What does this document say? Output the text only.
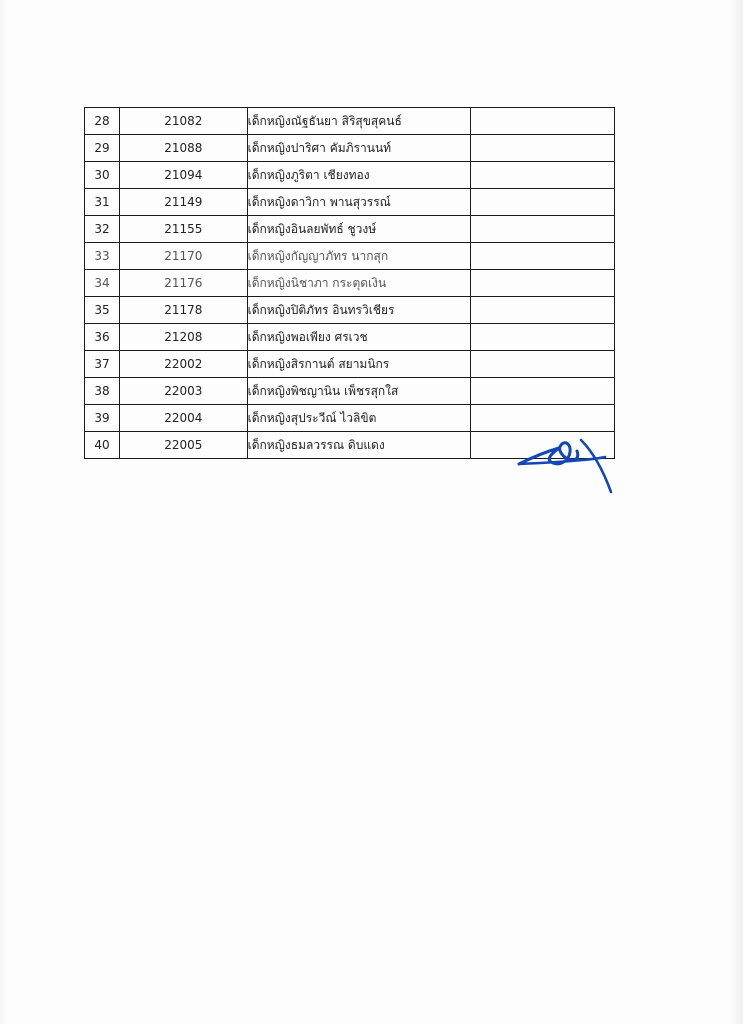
28	21082	เด็กหญิงณัฐธันยา สิริสุขสุคนธ์	
29	21088	เด็กหญิงปาริศา คัมภิรานนท์	
30	21094	เด็กหญิงภูริตา เชียงทอง	
31	21149	เด็กหญิงดาวิกา พานสุวรรณ์	
32	21155	เด็กหญิงอินลยพัทธ์ ชูวงษ์	
33	21170	เด็กหญิงกัญญาภัทร นากสุก	
34	21176	เด็กหญิงนิชาภา กระตุดเงิน	
35	21178	เด็กหญิงปิติภัทร อินทรวิเชียร	
36	21208	เด็กหญิงพอเพียง ศรเวช	
37	22002	เด็กหญิงสิรกานต์ สยามนิกร	
38	22003	เด็กหญิงพิชญานิน เพ็ชรสุกใส	
39	22004	เด็กหญิงสุประวีณ์ ไวลิขิต	
40	22005	เด็กหญิงธมลวรรณ ดิบแดง	
